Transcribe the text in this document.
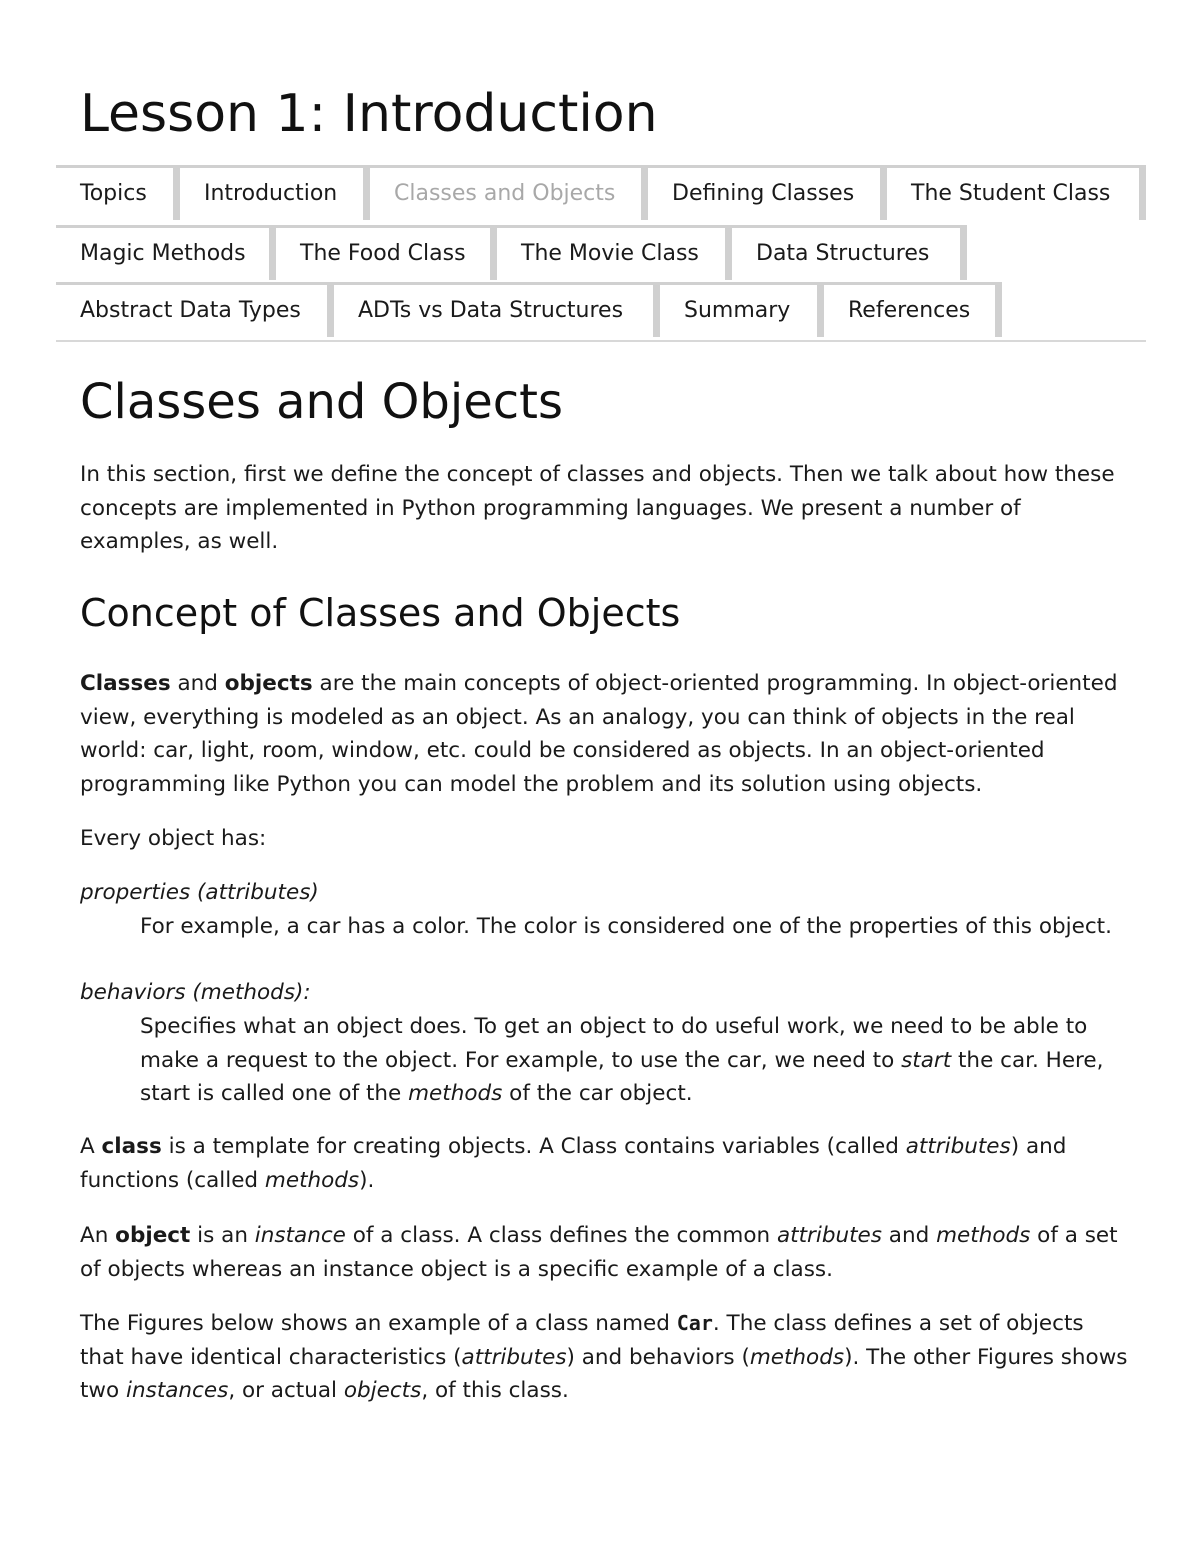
Lesson 1: Introduction
Topics	Introduction	Classes and Objects	Defining Classes	The Student Class
Magic Methods	The Food Class	The Movie Class	Data Structures
Abstract Data Types	ADTs vs Data Structures	Summary	References
Classes and Objects

In this section, first we define the concept of classes and objects. Then we talk about how these concepts are implemented in Python programming languages. We present a number of examples, as well.

Concept of Classes and Objects

Classes and objects are the main concepts of object-oriented programming. In object-oriented view, everything is modeled as an object. As an analogy, you can think of objects in the real world: car, light, room, window, etc. could be considered as objects. In an object-oriented programming like Python you can model the problem and its solution using objects.

Every object has:

properties (attributes)

For example, a car has a color. The color is considered one of the properties of this object.

behaviors (methods):

Specifies what an object does. To get an object to do useful work, we need to be able to make a request to the object. For example, to use the car, we need to start the car. Here, start is called one of the methods of the car object.

A class is a template for creating objects. A Class contains variables (called attributes) and functions (called methods).

An object is an instance of a class. A class defines the common attributes and methods of a set of objects whereas an instance object is a specific example of a class.

The Figures below shows an example of a class named Car. The class defines a set of objects that have identical characteristics (attributes) and behaviors (methods). The other Figures shows two instances, or actual objects, of this class.
